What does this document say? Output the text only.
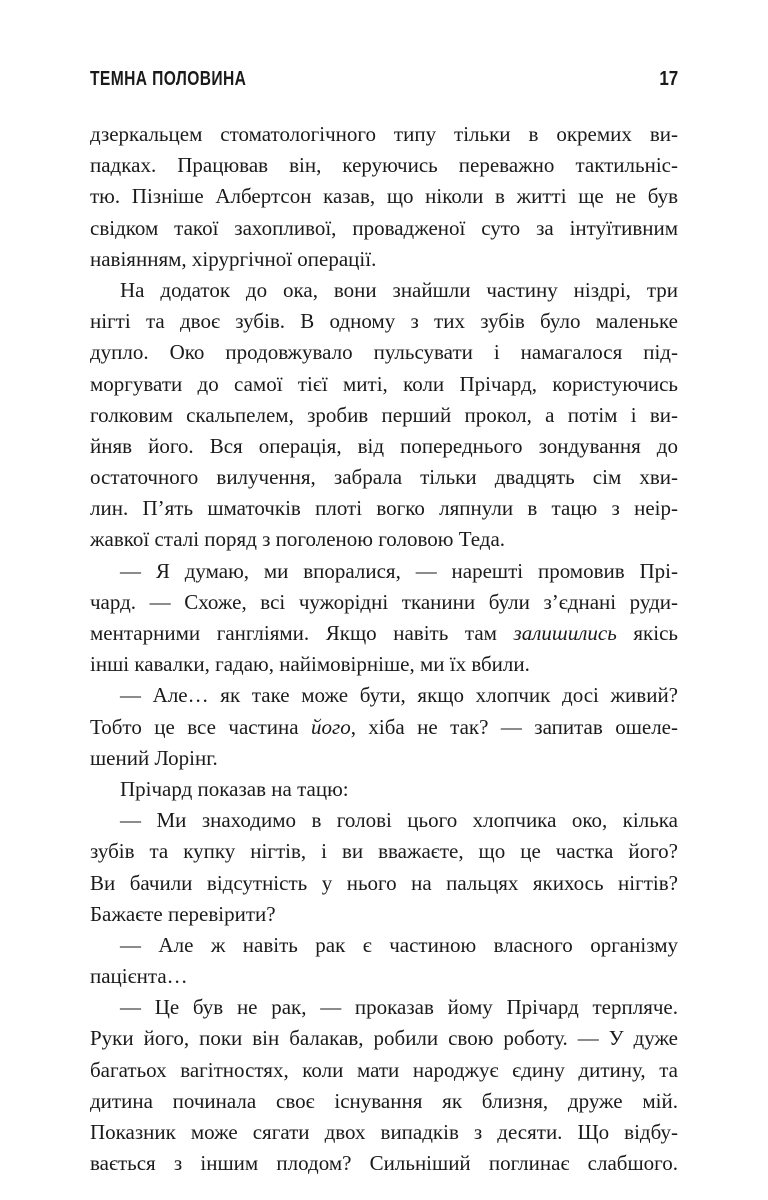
ТЕМНА ПОЛОВИНА	17
дзеркальцем стоматологічного типу тільки в окремих ви-
падках. Працював він, керуючись переважно тактильніс-
тю. Пізніше Албертсон казав, що ніколи в житті ще не був
свідком такої захопливої, провадженої суто за інтуїтивним
навіянням, хірургічної операції.
На додаток до ока, вони знайшли частину ніздрі, три
нігті та двоє зубів. В одному з тих зубів було маленьке
дупло. Око продовжувало пульсувати і намагалося під-
моргувати до самої тієї миті, коли Прічард, користуючись
голковим скальпелем, зробив перший прокол, а потім і ви-
йняв його. Вся операція, від попереднього зондування до
остаточного вилучення, забрала тільки двадцять сім хви-
лин. П’ять шматочків плоті вогко ляпнули в тацю з неір-
жавкої сталі поряд з поголеною головою Теда.
— Я думаю, ми впоралися, — нарешті промовив Прі-
чард. — Схоже, всі чужорідні тканини були з’єднані руди-
ментарними гангліями. Якщо навіть там залишились якісь
інші кавалки, гадаю, найімовірніше, ми їх вбили.
— Але… як таке може бути, якщо хлопчик досі живий?
Тобто це все частина його, хіба не так? — запитав ошеле-
шений Лорінг.
Прічард показав на тацю:
— Ми знаходимо в голові цього хлопчика око, кілька
зубів та купку нігтів, і ви вважаєте, що це частка його?
Ви бачили відсутність у нього на пальцях якихось нігтів?
Бажаєте перевірити?
— Але ж навіть рак є частиною власного організму
пацієнта…
— Це був не рак, — проказав йому Прічард терпляче.
Руки його, поки він балакав, робили свою роботу. — У дуже
багатьох вагітностях, коли мати народжує єдину дитину, та
дитина починала своє існування як близня, друже мій.
Показник може сягати двох випадків з десяти. Що відбу-
вається з іншим плодом? Сильніший поглинає слабшого.
